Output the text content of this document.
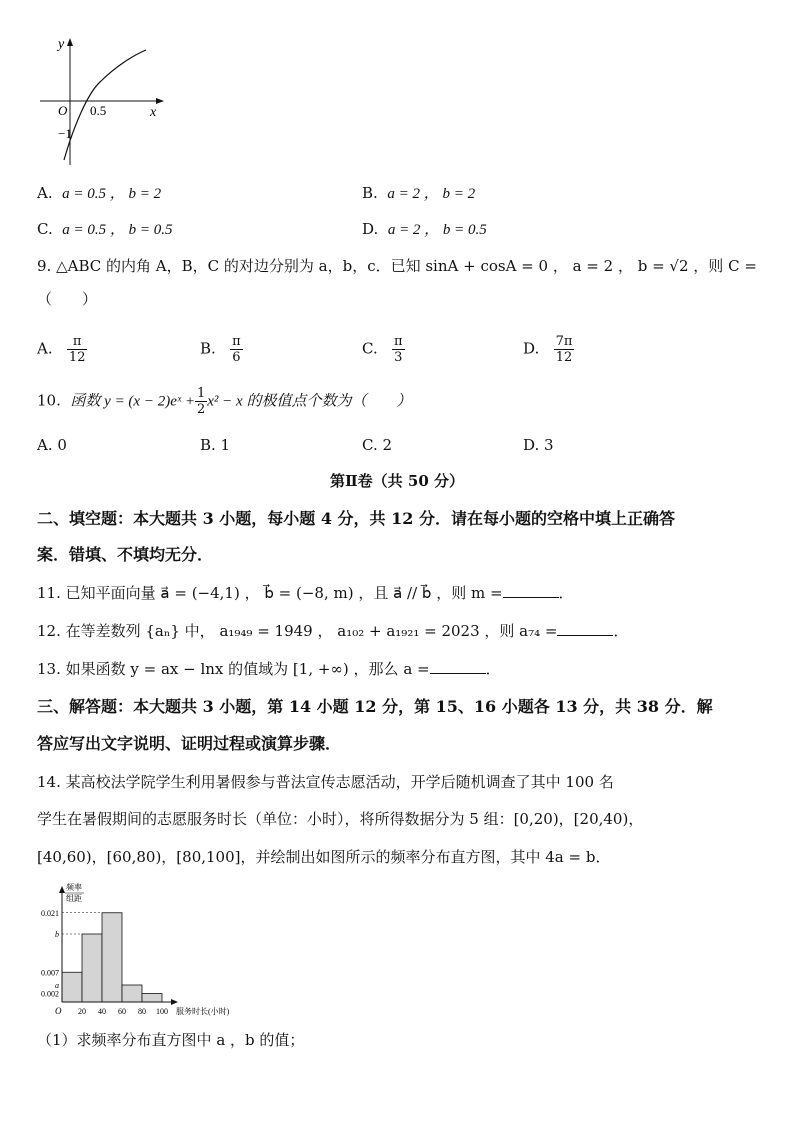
y
x
O 0.5
−1
A. a = 0.5 ， b = 2	B. a = 2 ， b = 2
C. a = 0.5 ， b = 0.5	D. a = 2 ， b = 0.5
9. △ABC 的内角 A，B，C 的对边分别为 a，b，c．已知 sinA + cosA = 0 ， a = 2 ， b = √2 ，则 C =
（　　）
A. $\frac{\pi}{12}$	B. $\frac{\pi}{6}$	C. $\frac{\pi}{3}$	D. $\frac{7\pi}{12}$
10. 函数 y = (x − 2)eˣ + $\frac{1}{2} x^2 - x$ 的极值点个数为（　　）
A. 0	B. 1	C. 2	D. 3
第Ⅱ卷（共 50 分）
二、填空题：本大题共 3 小题，每小题 4 分，共 12 分．请在每小题的空格中填上正确答
案．错填、不填均无分．
11. 已知平面向量 a⃗ = (−4,1) ， b⃗ = (−8, m) ，且 a⃗ // b⃗ ，则 m =	．
12. 在等差数列 {aₙ} 中， a₁₉₄₉ = 1949 ， a₁₀₂ + a₁₉₂₁ = 2023 ，则 a₇₄ =	．
13. 如果函数 y = ax − lnx 的值域为 [1, +∞) ，那么 a =	．
三、解答题：本大题共 3 小题，第 14 小题 12 分，第 15、16 小题各 13 分，共 38 分．解
答应写出文字说明、证明过程或演算步骤．
14. 某高校法学院学生利用暑假参与普法宣传志愿活动，开学后随机调查了其中 100 名
学生在暑假期间的志愿服务时长（单位：小时），将所得数据分为 5 组：[0,20)，[20,40)，
[40,60)，[60,80)，[80,100]，并绘制出如图所示的频率分布直方图，其中 4a = b．
频率
组距
O	服务时长(小时)
20 40 60 80 100
0.021
b
0.007
a
0.002
（1）求频率分布直方图中 a ，b 的值；
